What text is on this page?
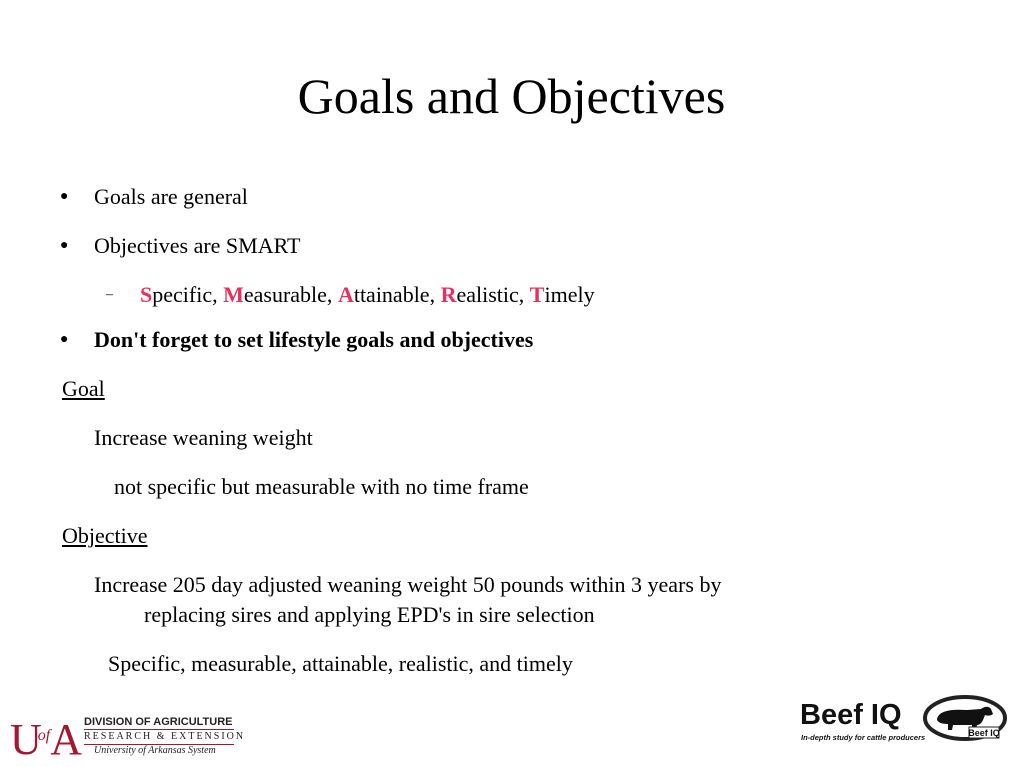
Goals and Objectives
● Goals are general
● Objectives are SMART
– Specific, Measurable, Attainable, Realistic, Timely
● Don't forget to set lifestyle goals and objectives
Goal
Increase weaning weight
not specific but measurable with no time frame
Objective
Increase 205 day adjusted weaning weight 50 pounds within 3 years by
replacing sires and applying EPD's in sire selection
Specific, measurable, attainable, realistic, and timely
$U^{of}A$ DIVISION OF AGRICULTURE
RESEARCH & EXTENSION
University of Arkansas System
Beef IQ
In-depth study for cattle producers	Beef IQ
